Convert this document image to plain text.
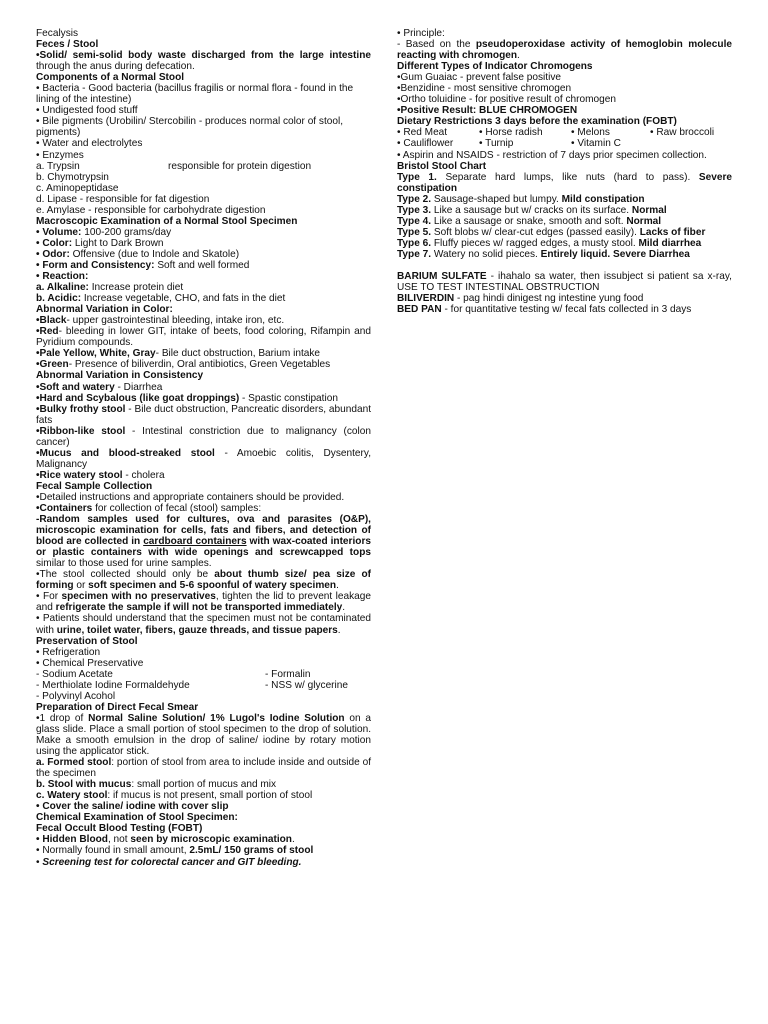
Fecalysis

Feces / Stool

•Solid/ semi-solid body waste discharged from the large intestine through the anus during defecation.

Components of a Normal Stool

• Bacteria - Good bacteria (bacillus fragilis or normal flora - found in the lining of the intestine)

• Undigested food stuff

• Bile pigments (Urobilin/ Stercobilin - produces normal color of stool, pigments)

• Water and electrolytes

• Enzymes

a. Trypsin	responsible for protein digestion

b. Chymotrypsin

c. Aminopeptidase

d. Lipase - responsible for fat digestion

e. Amylase - responsible for carbohydrate digestion

Macroscopic Examination of a Normal Stool Specimen

• Volume: 100-200 grams/day

• Color: Light to Dark Brown

• Odor: Offensive (due to Indole and Skatole)

• Form and Consistency: Soft and well formed

• Reaction:

a. Alkaline: Increase protein diet

b. Acidic: Increase vegetable, CHO, and fats in the diet

Abnormal Variation in Color:

•Black- upper gastrointestinal bleeding, intake iron, etc.

•Red- bleeding in lower GIT, intake of beets, food coloring, Rifampin and Pyridium compounds.

•Pale Yellow, White, Gray- Bile duct obstruction, Barium intake

•Green- Presence of biliverdin, Oral antibiotics, Green Vegetables

Abnormal Variation in Consistency

•Soft and watery - Diarrhea

•Hard and Scybalous (like goat droppings) - Spastic constipation

•Bulky frothy stool - Bile duct obstruction, Pancreatic disorders, abundant fats

•Ribbon-like stool - Intestinal constriction due to malignancy (colon cancer)

•Mucus and blood-streaked stool - Amoebic colitis, Dysentery, Malignancy

•Rice watery stool - cholera

Fecal Sample Collection

•Detailed instructions and appropriate containers should be provided.

•Containers for collection of fecal (stool) samples:

-Random samples used for cultures, ova and parasites (O&P), microscopic examination for cells, fats and fibers, and detection of blood are collected in cardboard containers with wax-coated interiors or plastic containers with wide openings and screwcapped tops similar to those used for urine samples.

•The stool collected should only be about thumb size/ pea size of forming or soft specimen and 5-6 spoonful of watery specimen.

• For specimen with no preservatives, tighten the lid to prevent leakage and refrigerate the sample if will not be transported immediately.

• Patients should understand that the specimen must not be contaminated with urine, toilet water, fibers, gauze threads, and tissue papers.

Preservation of Stool

• Refrigeration

• Chemical Preservative

- Sodium Acetate	- Formalin
- Merthiolate Iodine Formaldehyde	- NSS w/ glycerine

- Polyvinyl Acohol

Preparation of Direct Fecal Smear

•1 drop of Normal Saline Solution/ 1% Lugol's Iodine Solution on a glass slide. Place a small portion of stool specimen to the drop of solution. Make a smooth emulsion in the drop of saline/ iodine by rotary motion using the applicator stick.

a. Formed stool: portion of stool from area to include inside and outside of the specimen

b. Stool with mucus: small portion of mucus and mix

c. Watery stool: if mucus is not present, small portion of stool

• Cover the saline/ iodine with cover slip

Chemical Examination of Stool Specimen:

Fecal Occult Blood Testing (FOBT)

• Hidden Blood, not seen by microscopic examination.

• Normally found in small amount, 2.5mL/ 150 grams of stool

• Screening test for colorectal cancer and GIT bleeding.

• Principle:

- Based on the pseudoperoxidase activity of hemoglobin molecule reacting with chromogen.

Different Types of Indicator Chromogens

•Gum Guaiac - prevent false positive

•Benzidine - most sensitive chromogen

•Ortho toluidine - for positive result of chromogen

•Positive Result: BLUE CHROMOGEN

Dietary Restrictions 3 days before the examination (FOBT)

• Red Meat	• Horse radish	• Melons	• Raw broccoli
• Cauliflower	• Turnip	• Vitamin C

• Aspirin and NSAIDS - restriction of 7 days prior specimen collection.

Bristol Stool Chart

Type 1. Separate hard lumps, like nuts (hard to pass). Severe constipation

Type 2. Sausage-shaped but lumpy. Mild constipation

Type 3. Like a sausage but w/ cracks on its surface. Normal

Type 4. Like a sausage or snake, smooth and soft. Normal

Type 5. Soft blobs w/ clear-cut edges (passed easily). Lacks of fiber

Type 6. Fluffy pieces w/ ragged edges, a musty stool. Mild diarrhea

Type 7. Watery no solid pieces. Entirely liquid. Severe Diarrhea

BARIUM SULFATE - ihahalo sa water, then issubject si patient sa x-ray, USE TO TEST INTESTINAL OBSTRUCTION

BILIVERDIN - pag hindi dinigest ng intestine yung food

BED PAN - for quantitative testing w/ fecal fats collected in 3 days
